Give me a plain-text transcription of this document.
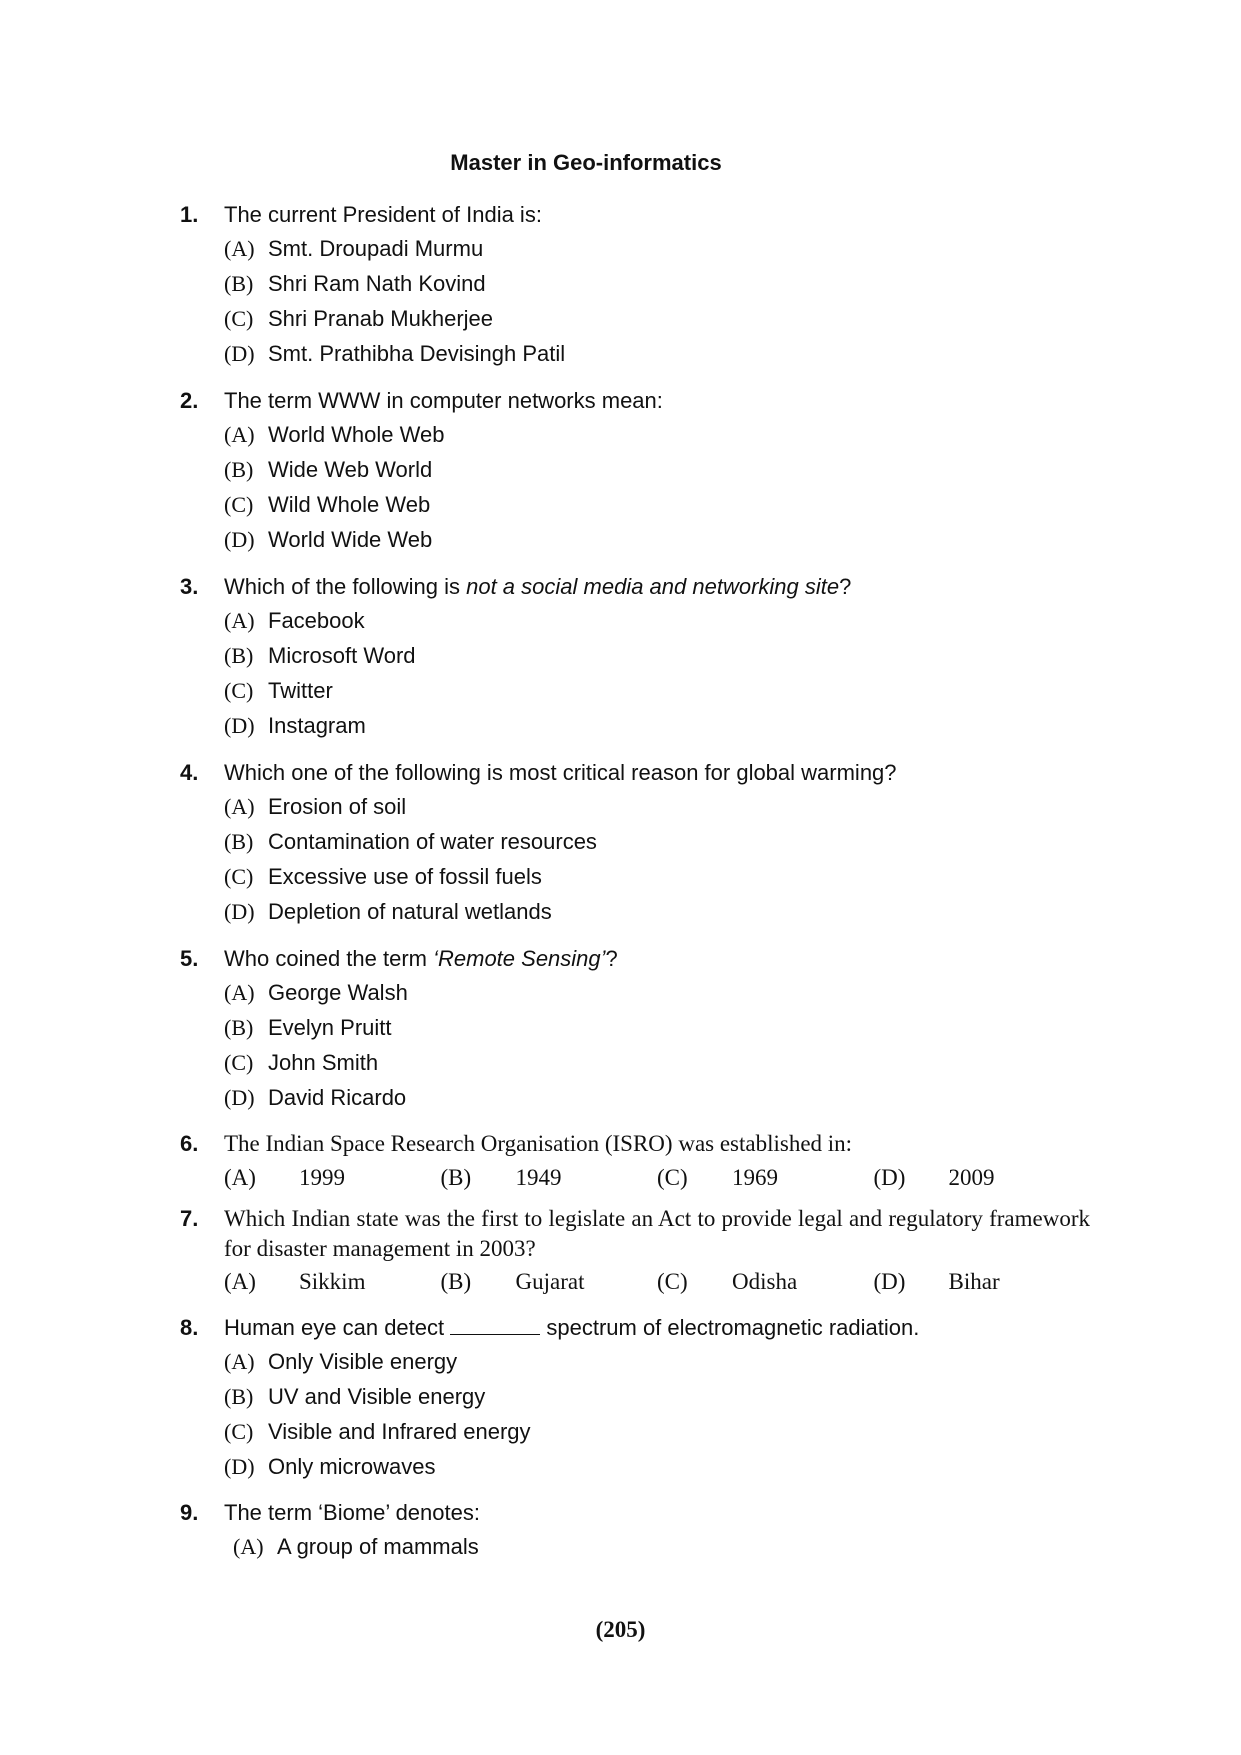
Master in Geo-informatics
1.	The current President of India is:
(A) Smt. Droupadi Murmu
(B) Shri Ram Nath Kovind
(C) Shri Pranab Mukherjee
(D) Smt. Prathibha Devisingh Patil
2.	The term WWW in computer networks mean:
(A) World Whole Web
(B) Wide Web World
(C) Wild Whole Web
(D) World Wide Web
3.	Which of the following is not a social media and networking site?
(A) Facebook
(B) Microsoft Word
(C) Twitter
(D) Instagram
4.	Which one of the following is most critical reason for global warming?
(A) Erosion of soil
(B) Contamination of water resources
(C) Excessive use of fossil fuels
(D) Depletion of natural wetlands
5.	Who coined the term ‘Remote Sensing’?
(A) George Walsh
(B) Evelyn Pruitt
(C) John Smith
(D) David Ricardo
6.	The Indian Space Research Organisation (ISRO) was established in:
(A)	1999	(B)	1949	(C)	1969	(D)	2009
7.	Which Indian state was the first to legislate an Act to provide legal and regulatory framework for disaster management in 2003?
(A)	Sikkim	(B)	Gujarat	(C)	Odisha	(D)	Bihar
8.	Human eye can detect	spectrum of electromagnetic radiation.
(A) Only Visible energy
(B) UV and Visible energy
(C) Visible and Infrared energy
(D) Only microwaves
9.	The term ‘Biome’ denotes:
(A) A group of mammals
(205)
